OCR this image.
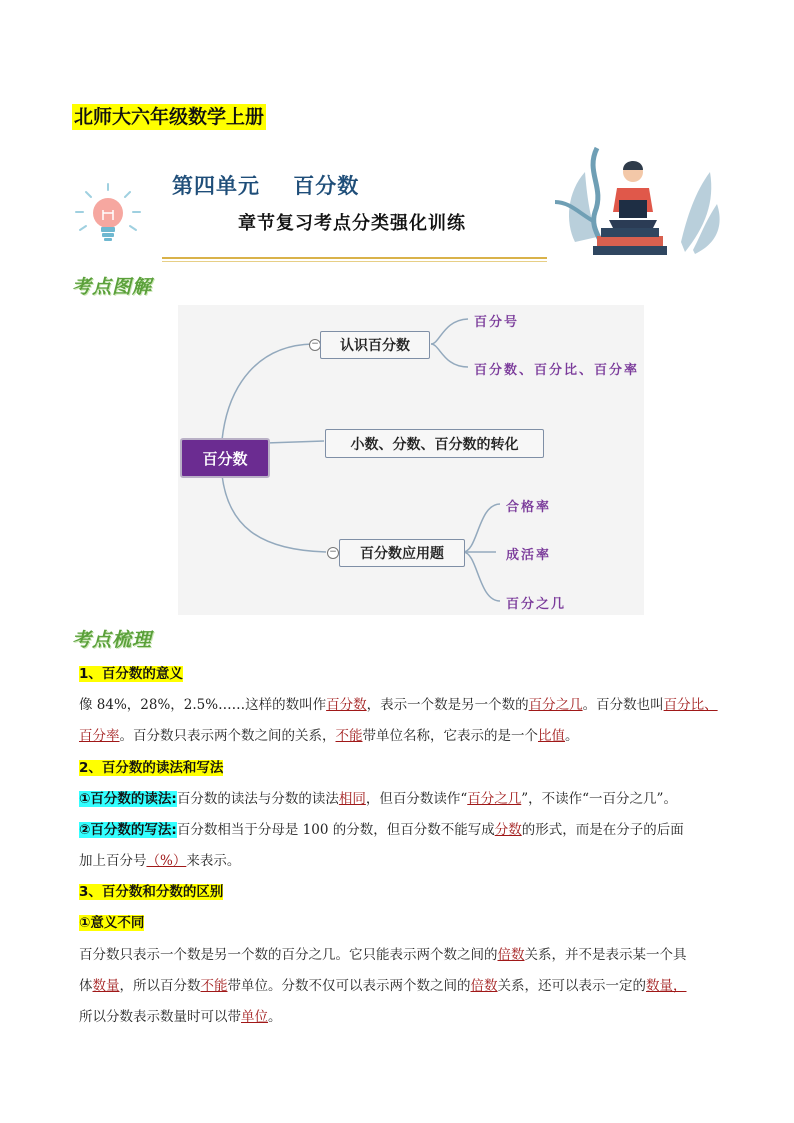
北师大六年级数学上册
第四单元    百分数
章节复习考点分类强化训练
考点图解
百分数
−	认识百分数
小数、分数、百分数的转化
−	百分数应用题
百分号
百分数、百分比、百分率
合格率
成活率
百分之几
考点梳理
1、百分数的意义
像 84%，28%，2.5%……这样的数叫作百分数，表示一个数是另一个数的百分之几。百分数也叫百分比、
百分率。百分数只表示两个数之间的关系，不能带单位名称，它表示的是一个比值。
2、百分数的读法和写法
①百分数的读法:百分数的读法与分数的读法相同，但百分数读作“百分之几”，不读作“一百分之几”。
②百分数的写法:百分数相当于分母是 100 的分数，但百分数不能写成分数的形式，而是在分子的后面
加上百分号（%）来表示。
3、百分数和分数的区别
①意义不同
百分数只表示一个数是另一个数的百分之几。它只能表示两个数之间的倍数关系，并不是表示某一个具
体数量，所以百分数不能带单位。分数不仅可以表示两个数之间的倍数关系，还可以表示一定的数量，
所以分数表示数量时可以带单位。
